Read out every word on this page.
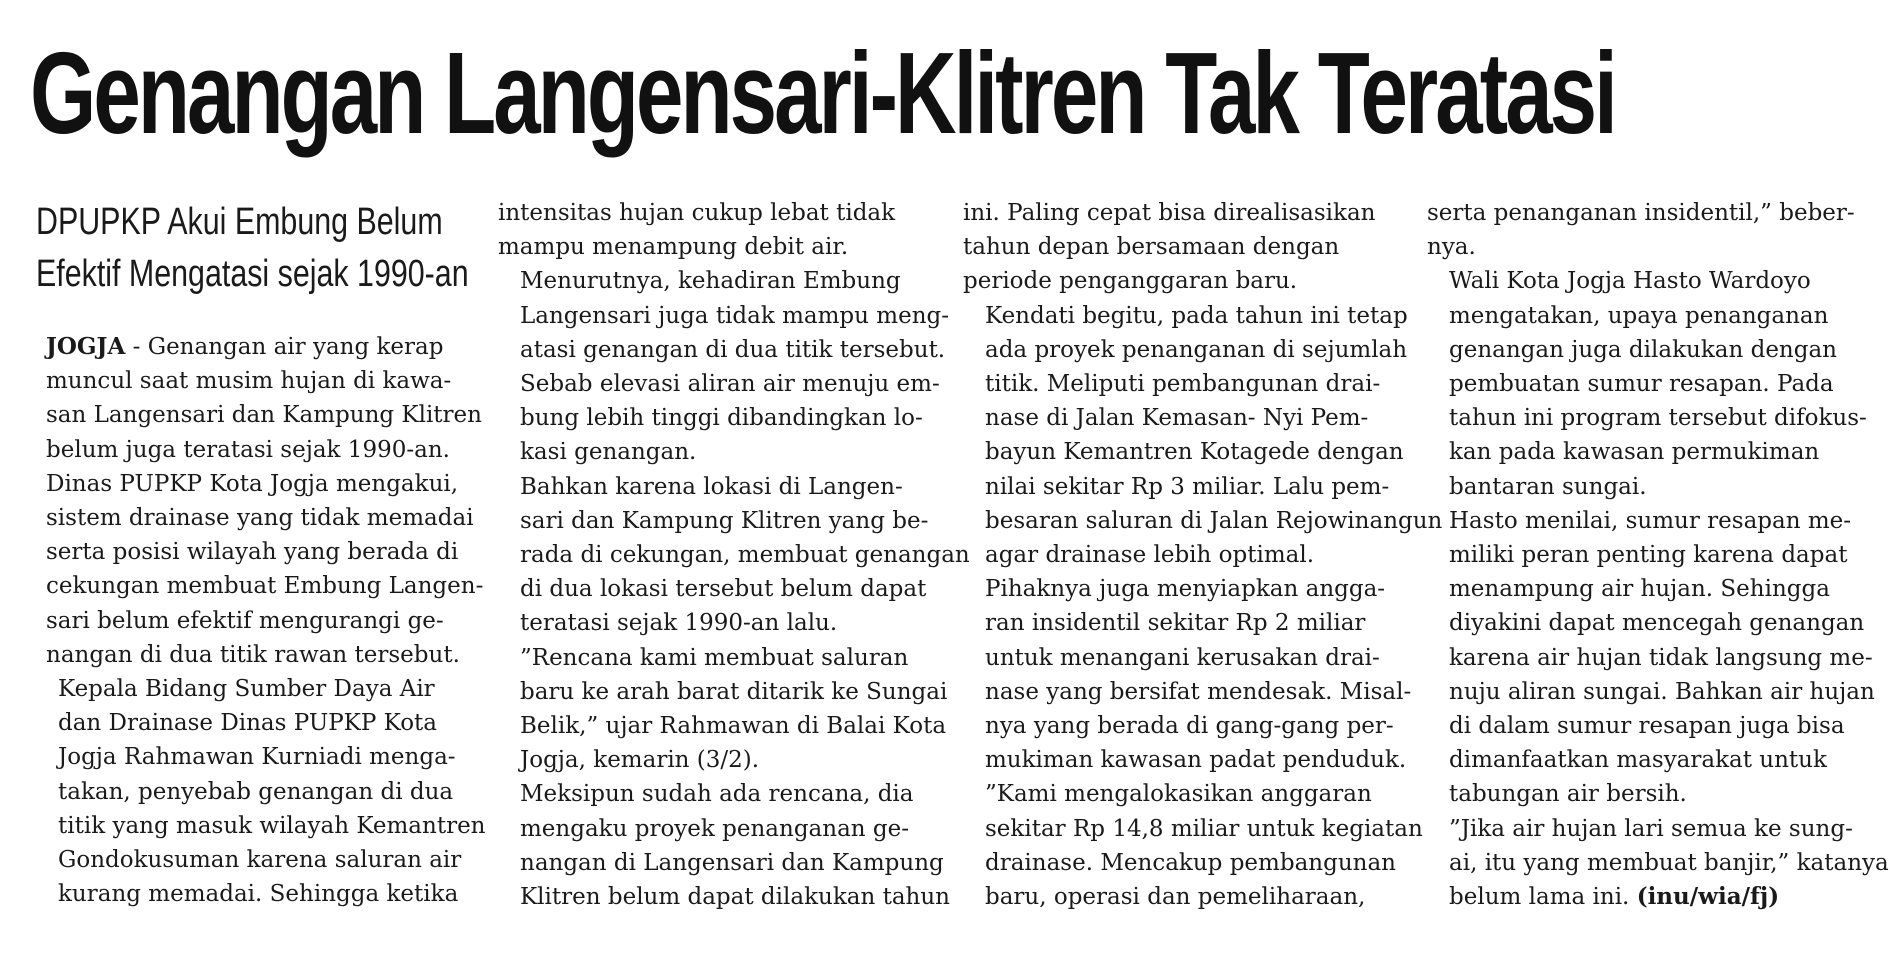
Genangan Langensari-Klitren Tak Teratasi
DPUPKP Akui Embung Belum
Efektif Mengatasi sejak 1990-an

JOGJA - Genangan air yang kerap
muncul saat musim hujan di kawa-
san Langensari dan Kampung Klitren
belum juga teratasi sejak 1990-an.
Dinas PUPKP Kota Jogja mengakui,
sistem drainase yang tidak memadai
serta posisi wilayah yang berada di
cekungan membuat Embung Langen-
sari belum efektif mengurangi ge-
nangan di dua titik rawan tersebut.

Kepala Bidang Sumber Daya Air
dan Drainase Dinas PUPKP Kota
Jogja Rahmawan Kurniadi menga-
takan, penyebab genangan di dua
titik yang masuk wilayah Kemantren
Gondokusuman karena saluran air
kurang memadai. Sehingga ketika

intensitas hujan cukup lebat tidak
mampu menampung debit air.

Menurutnya, kehadiran Embung
Langensari juga tidak mampu meng-
atasi genangan di dua titik tersebut.
Sebab elevasi aliran air menuju em-
bung lebih tinggi dibandingkan lo-
kasi genangan.

Bahkan karena lokasi di Langen-
sari dan Kampung Klitren yang be-
rada di cekungan, membuat genangan
di dua lokasi tersebut belum dapat
teratasi sejak 1990-an lalu.

”Rencana kami membuat saluran
baru ke arah barat ditarik ke Sungai
Belik,” ujar Rahmawan di Balai Kota
Jogja, kemarin (3/2).

Meksipun sudah ada rencana, dia
mengaku proyek penanganan ge-
nangan di Langensari dan Kampung
Klitren belum dapat dilakukan tahun

ini. Paling cepat bisa direalisasikan
tahun depan bersamaan dengan
periode penganggaran baru.

Kendati begitu, pada tahun ini tetap
ada proyek penanganan di sejumlah
titik. Meliputi pembangunan drai-
nase di Jalan Kemasan- Nyi Pem-
bayun Kemantren Kotagede dengan
nilai sekitar Rp 3 miliar. Lalu pem-
besaran saluran di Jalan Rejowinangun
agar drainase lebih optimal.

Pihaknya juga menyiapkan angga-
ran insidentil sekitar Rp 2 miliar
untuk menangani kerusakan drai-
nase yang bersifat mendesak. Misal-
nya yang berada di gang-gang per-
mukiman kawasan padat penduduk.

”Kami mengalokasikan anggaran
sekitar Rp 14,8 miliar untuk kegiatan
drainase. Mencakup pembangunan
baru, operasi dan pemeliharaan,

serta penanganan insidentil,” beber-
nya.

Wali Kota Jogja Hasto Wardoyo
mengatakan, upaya penanganan
genangan juga dilakukan dengan
pembuatan sumur resapan. Pada
tahun ini program tersebut difokus-
kan pada kawasan permukiman
bantaran sungai.

Hasto menilai, sumur resapan me-
miliki peran penting karena dapat
menampung air hujan. Sehingga
diyakini dapat mencegah genangan
karena air hujan tidak langsung me-
nuju aliran sungai. Bahkan air hujan
di dalam sumur resapan juga bisa
dimanfaatkan masyarakat untuk
tabungan air bersih.

”Jika air hujan lari semua ke sung-
ai, itu yang membuat banjir,” katanya
belum lama ini. (inu/wia/fj)
